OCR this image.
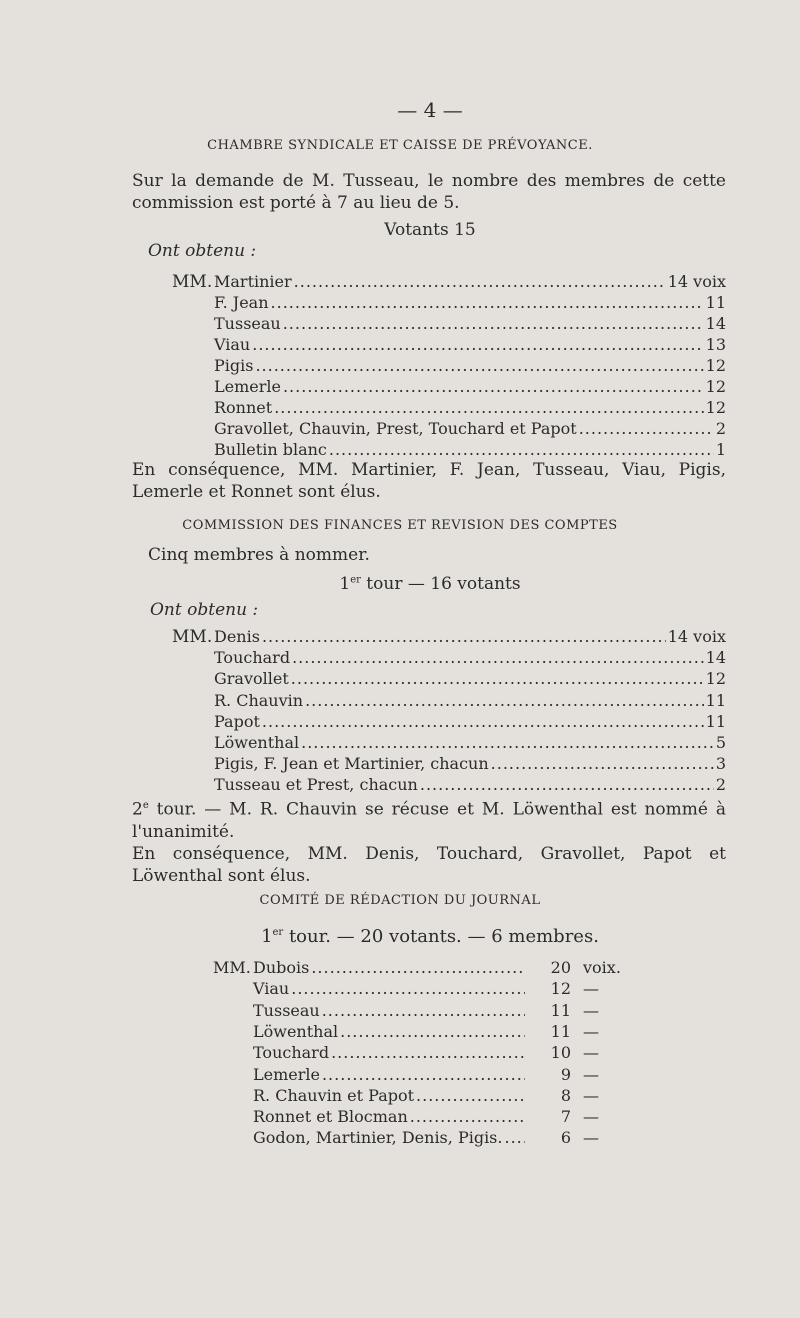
— 4 —
CHAMBRE SYNDICALE ET CAISSE DE PRÉVOYANCE.
Sur la demande de M. Tusseau, le nombre des membres de cette commission est porté à 7 au lieu de 5.
Votants 15
Ont obtenu :
MM. Martinier .....	14 voix
F. Jean .....	11
Tusseau .....	14
Viau .....	13
Pigis .....	12
Lemerle .....	12
Ronnet .....	12
Gravollet, Chauvin, Prest, Touchard et Papot .....	2
Bulletin blanc .....	1
En conséquence, MM. Martinier, F. Jean, Tusseau, Viau, Pigis, Lemerle et Ronnet sont élus.
COMMISSION DES FINANCES ET REVISION DES COMPTES
Cinq membres à nommer.
1er tour — 16 votants
Ont obtenu :
MM. Denis .....	14 voix
Touchard .....	14
Gravollet .....	12
R. Chauvin .....	11
Papot .....	11
Löwenthal .....	5
Pigis, F. Jean et Martinier, chacun .....	3
Tusseau et Prest, chacun .....	2
2e tour. — M. R. Chauvin se récuse et M. Löwenthal est nommé à l'unanimité.
En conséquence, MM. Denis, Touchard, Gravollet, Papot et Löwenthal sont élus.
COMITÉ DE RÉDACTION DU JOURNAL
1er tour. — 20 votants. — 6 membres.
MM. Dubois .....	20 voix.
Viau .....	12 —
Tusseau .....	11 —
Löwenthal .....	11 —
Touchard .....	10 —
Lemerle .....	9 —
R. Chauvin et Papot .....	8 —
Ronnet et Blocman .....	7 —
Godon, Martinier, Denis, Pigis. .....	6 —
